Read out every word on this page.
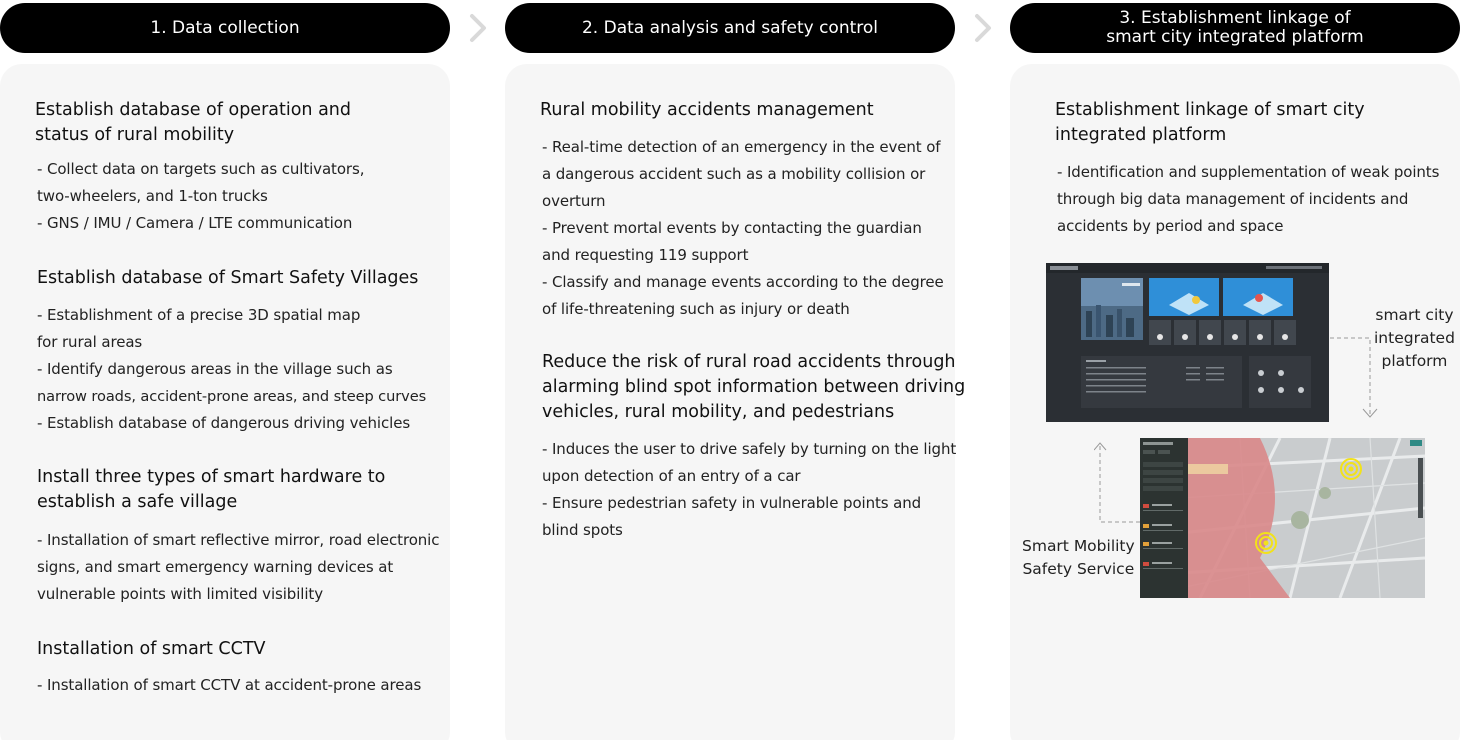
1. Data collection
Establish database of operation and
status of rural mobility
- Collect data on targets such as cultivators,
two-wheelers, and 1-ton trucks
- GNS / IMU / Camera / LTE communication
Establish database of Smart Safety Villages
- Establishment of a precise 3D spatial map
for rural areas
- Identify dangerous areas in the village such as
narrow roads, accident-prone areas, and steep curves
- Establish database of dangerous driving vehicles
Install three types of smart hardware to
establish a safe village
- Installation of smart reflective mirror, road electronic
signs, and smart emergency warning devices at
vulnerable points with limited visibility
Installation of smart CCTV
- Installation of smart CCTV at accident-prone areas
2. Data analysis and safety control
Rural mobility accidents management
- Real-time detection of an emergency in the event of
a dangerous accident such as a mobility collision or
overturn
- Prevent mortal events by contacting the guardian
and requesting 119 support
- Classify and manage events according to the degree
of life-threatening such as injury or death
Reduce the risk of rural road accidents through
alarming blind spot information between driving
vehicles, rural mobility, and pedestrians
- Induces the user to drive safely by turning on the light
upon detection of an entry of a car
- Ensure pedestrian safety in vulnerable points and
blind spots
3. Establishment linkage of
smart city integrated platform
Establishment linkage of smart city
integrated platform
- Identification and supplementation of weak points
through big data management of incidents and
accidents by period and space
smart city
integrated
platform
Smart Mobility
Safety Service
